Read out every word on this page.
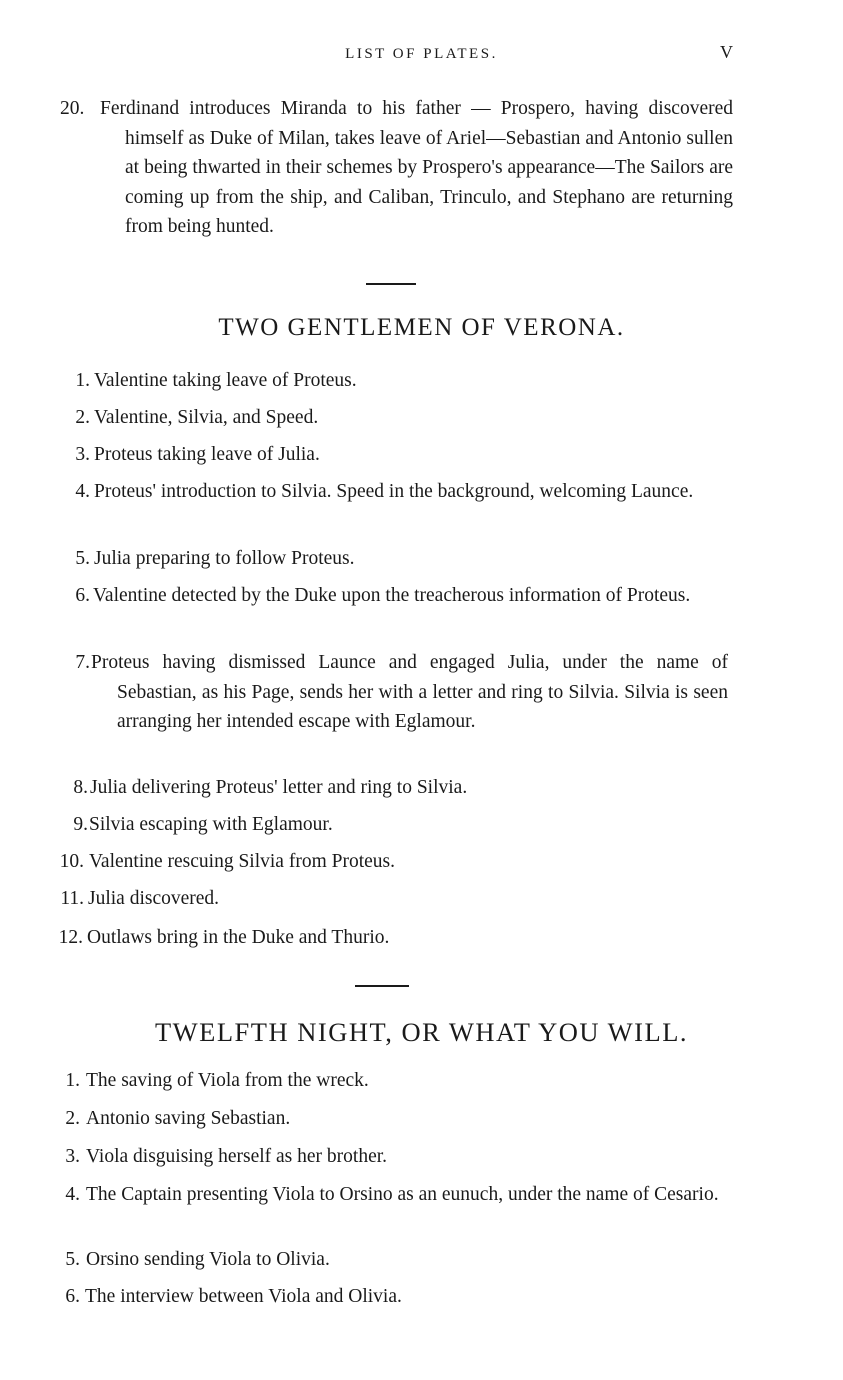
LIST OF PLATES.	V
20. Ferdinand introduces Miranda to his father — Prospero, having discovered himself as Duke of Milan, takes leave of Ariel—Sebastian and Antonio sullen at being thwarted in their schemes by Prospero's appearance—The Sailors are coming up from the ship, and Caliban, Trinculo, and Stephano are returning from being hunted.
TWO GENTLEMEN OF VERONA.
1. Valentine taking leave of Proteus.
2. Valentine, Silvia, and Speed.
3. Proteus taking leave of Julia.
4. Proteus' introduction to Silvia. Speed in the background, welcoming Launce.
5. Julia preparing to follow Proteus.
6. Valentine detected by the Duke upon the treacherous information of Proteus.
7. Proteus having dismissed Launce and engaged Julia, under the name of Sebastian, as his Page, sends her with a letter and ring to Silvia. Silvia is seen arranging her intended escape with Eglamour.
8. Julia delivering Proteus' letter and ring to Silvia.
9. Silvia escaping with Eglamour.
10. Valentine rescuing Silvia from Proteus.
11. Julia discovered.
12. Outlaws bring in the Duke and Thurio.
TWELFTH NIGHT, OR WHAT YOU WILL.
1. The saving of Viola from the wreck.
2. Antonio saving Sebastian.
3. Viola disguising herself as her brother.
4. The Captain presenting Viola to Orsino as an eunuch, under the name of Cesario.
5. Orsino sending Viola to Olivia.
6. The interview between Viola and Olivia.
